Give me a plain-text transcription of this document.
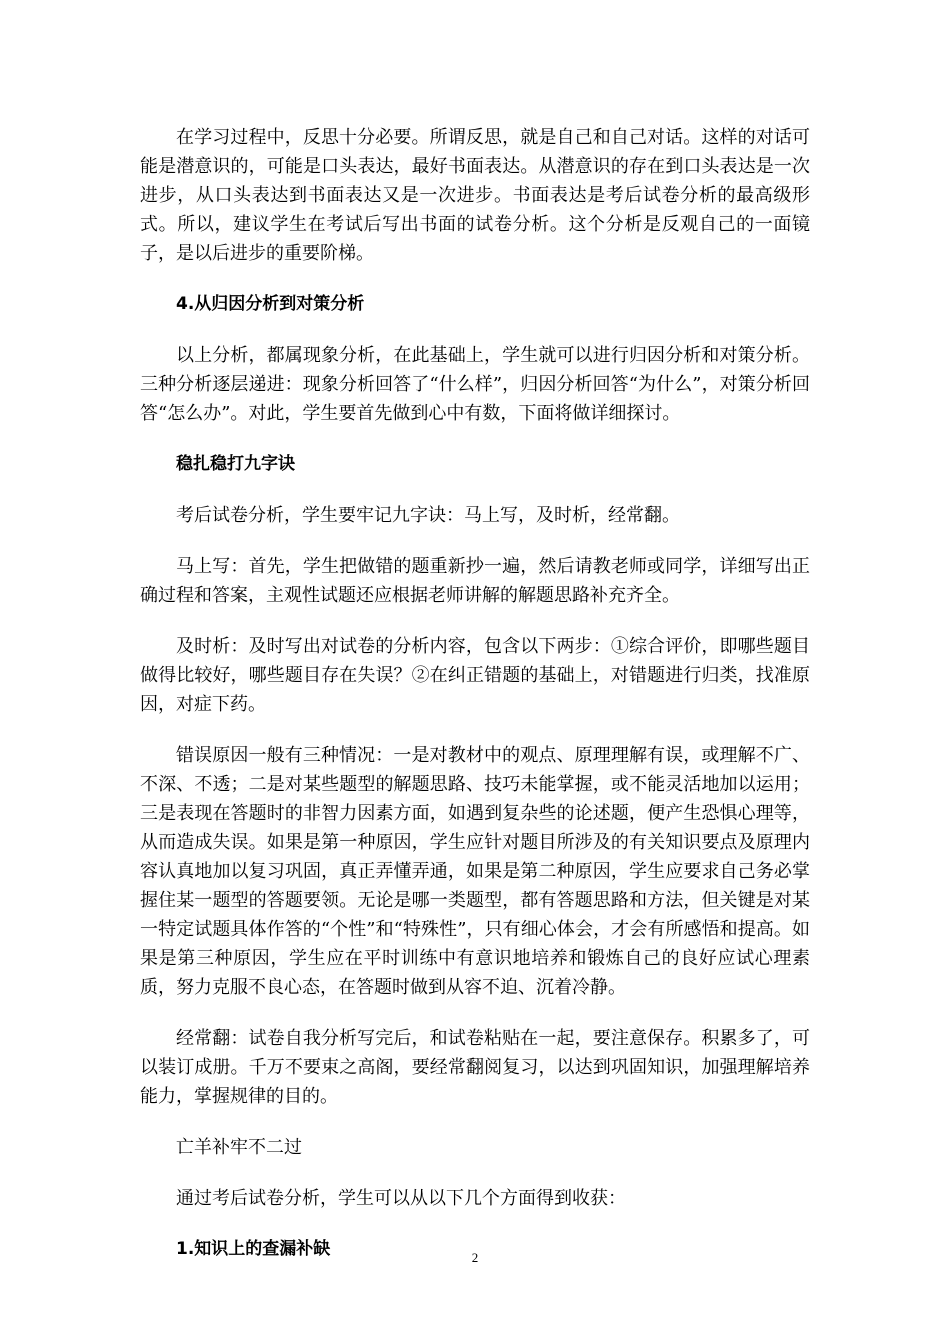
在学习过程中，反思十分必要。所谓反思，就是自己和自己对话。这样的对话可能是潜意识的，可能是口头表达，最好书面表达。从潜意识的存在到口头表达是一次进步，从口头表达到书面表达又是一次进步。书面表达是考后试卷分析的最高级形式。所以，建议学生在考试后写出书面的试卷分析。这个分析是反观自己的一面镜子，是以后进步的重要阶梯。

4.从归因分析到对策分析

以上分析，都属现象分析，在此基础上，学生就可以进行归因分析和对策分析。三种分析逐层递进：现象分析回答了“什么样”，归因分析回答“为什么”，对策分析回答“怎么办”。对此，学生要首先做到心中有数，下面将做详细探讨。

稳扎稳打九字诀

考后试卷分析，学生要牢记九字诀：马上写，及时析，经常翻。

马上写：首先，学生把做错的题重新抄一遍，然后请教老师或同学，详细写出正确过程和答案，主观性试题还应根据老师讲解的解题思路补充齐全。

及时析：及时写出对试卷的分析内容，包含以下两步：①综合评价，即哪些题目做得比较好，哪些题目存在失误？②在纠正错题的基础上，对错题进行归类，找准原因，对症下药。

错误原因一般有三种情况：一是对教材中的观点、原理理解有误，或理解不广、不深、不透；二是对某些题型的解题思路、技巧未能掌握，或不能灵活地加以运用；三是表现在答题时的非智力因素方面，如遇到复杂些的论述题，便产生恐惧心理等，从而造成失误。如果是第一种原因，学生应针对题目所涉及的有关知识要点及原理内容认真地加以复习巩固，真正弄懂弄通，如果是第二种原因，学生应要求自己务必掌握住某一题型的答题要领。无论是哪一类题型，都有答题思路和方法，但关键是对某一特定试题具体作答的“个性”和“特殊性”，只有细心体会，才会有所感悟和提高。如果是第三种原因，学生应在平时训练中有意识地培养和锻炼自己的良好应试心理素质，努力克服不良心态，在答题时做到从容不迫、沉着冷静。

经常翻：试卷自我分析写完后，和试卷粘贴在一起，要注意保存。积累多了，可以装订成册。千万不要束之高阁，要经常翻阅复习，以达到巩固知识，加强理解培养能力，掌握规律的目的。

亡羊补牢不二过

通过考后试卷分析，学生可以从以下几个方面得到收获：

1.知识上的查漏补缺	2
